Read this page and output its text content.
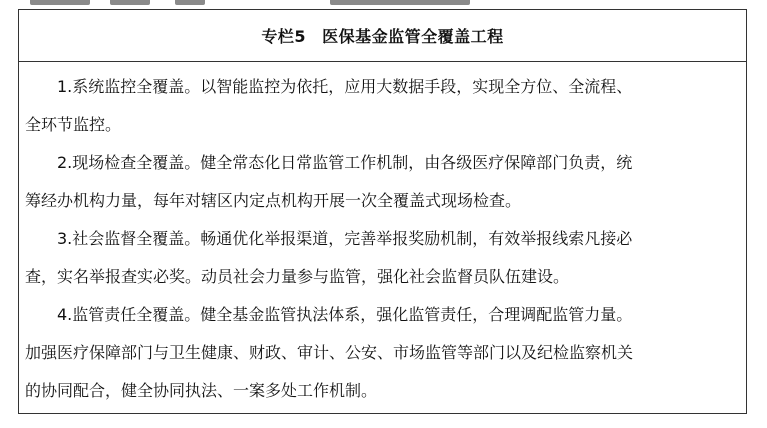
专栏5 医保基金监管全覆盖工程

1.系统监控全覆盖。以智能监控为依托，应用大数据手段，实现全方位、全流程、
全环节监控。

2.现场检查全覆盖。健全常态化日常监管工作机制，由各级医疗保障部门负责，统
筹经办机构力量，每年对辖区内定点机构开展一次全覆盖式现场检查。

3.社会监督全覆盖。畅通优化举报渠道，完善举报奖励机制，有效举报线索凡接必
查，实名举报查实必奖。动员社会力量参与监管，强化社会监督员队伍建设。

4.监管责任全覆盖。健全基金监管执法体系，强化监管责任，合理调配监管力量。
加强医疗保障部门与卫生健康、财政、审计、公安、市场监管等部门以及纪检监察机关
的协同配合，健全协同执法、一案多处工作机制。
